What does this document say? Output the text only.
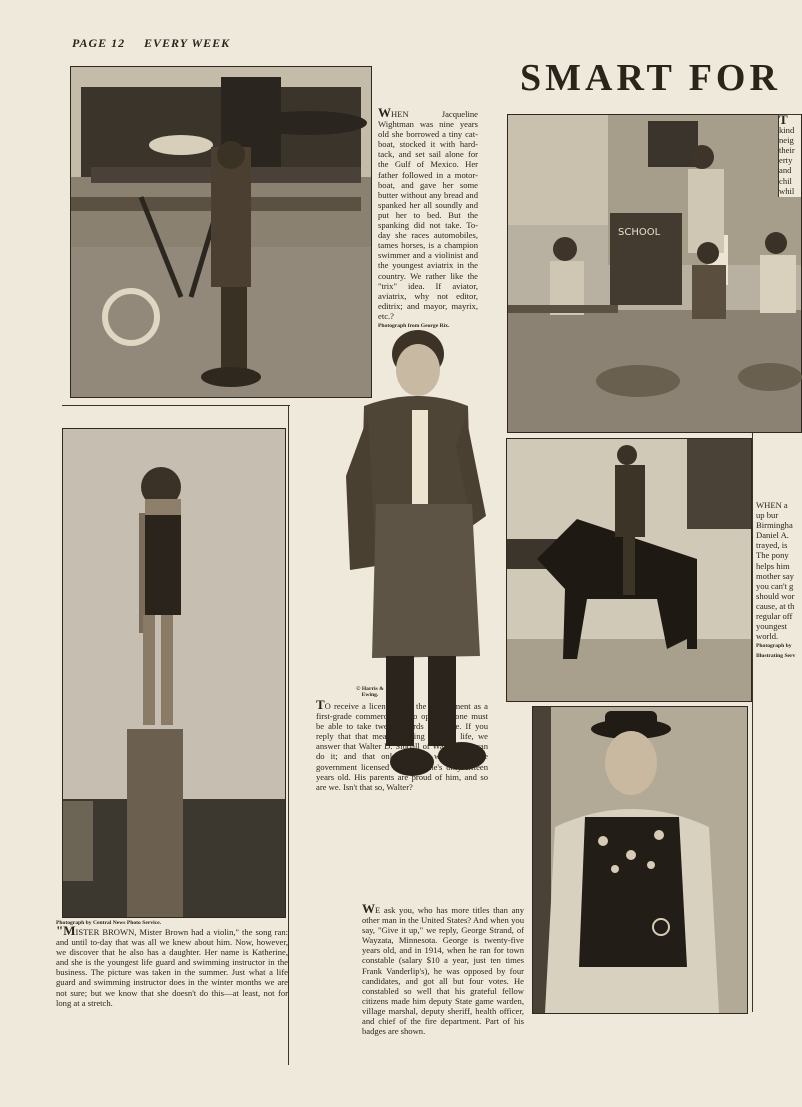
PAGE 12 EVERY WEEK
SMART FOR

WHEN Jacqueline Wightman was nine years old she borrowed a tiny cat-boat, stocked it with hard-tack, and set sail alone for the Gulf of Mexico. Her father followed in a motor-boat, and gave her some butter without any bread and spanked her all soundly and put her to bed. But the spanking did not take. To-day she races automobiles, tames horses, is a champion swimmer and a violinist and the youngest aviatrix in the country. We rather like the "trix" idea. If aviator, aviatrix, why not editor, editrix; and mayor, mayrix, etc.?

Photograph from George Rix.

SCHOOL
T
kind
neig
their
erty
and
chil
whil
Photograph by Central News Photo Service.
"MISTER BROWN, Mister Brown had a violin," the song ran: and until to-day that was all we knew about him. Now, however, we discover that he also has a daughter. Her name is Katherine, and she is the youngest life guard and swimming instructor in the business. The picture was taken in the summer. Just what a life guard and swimming instructor does in the winter months we are not sure; but we know that she doesn't do this—at least, not for long at a stretch.
© Harris & Ewing.

TO receive a license from the government as a first-grade commercial radio operator, one must be able to take twenty words a minute. If you reply that that means nothing in your life, we answer that Walter D. Siddall of Washington can do it; and that only a little while ago the government licensed him; and he's only fifteen years old. His parents are proud of him, and so are we. Isn't that so, Walter?

WHEN a
up bur
Birmingha
Daniel A.
trayed, is
The pony
helps him
mother say
you can't g
should wor
cause, at th
regular off
youngest
world.
Photograph by Illustrating Serv

WE ask you, who has more titles than any other man in the United States? And when you say, "Give it up," we reply, George Strand, of Wayzata, Minnesota. George is twenty-five years old, and in 1914, when he ran for town constable (salary $10 a year, just ten times Frank Vanderlip's), he was opposed by four candidates, and got all but four votes. He constabled so well that his grateful fellow citizens made him deputy State game warden, village marshal, deputy sheriff, health officer, and chief of the fire department. Part of his badges are shown.
